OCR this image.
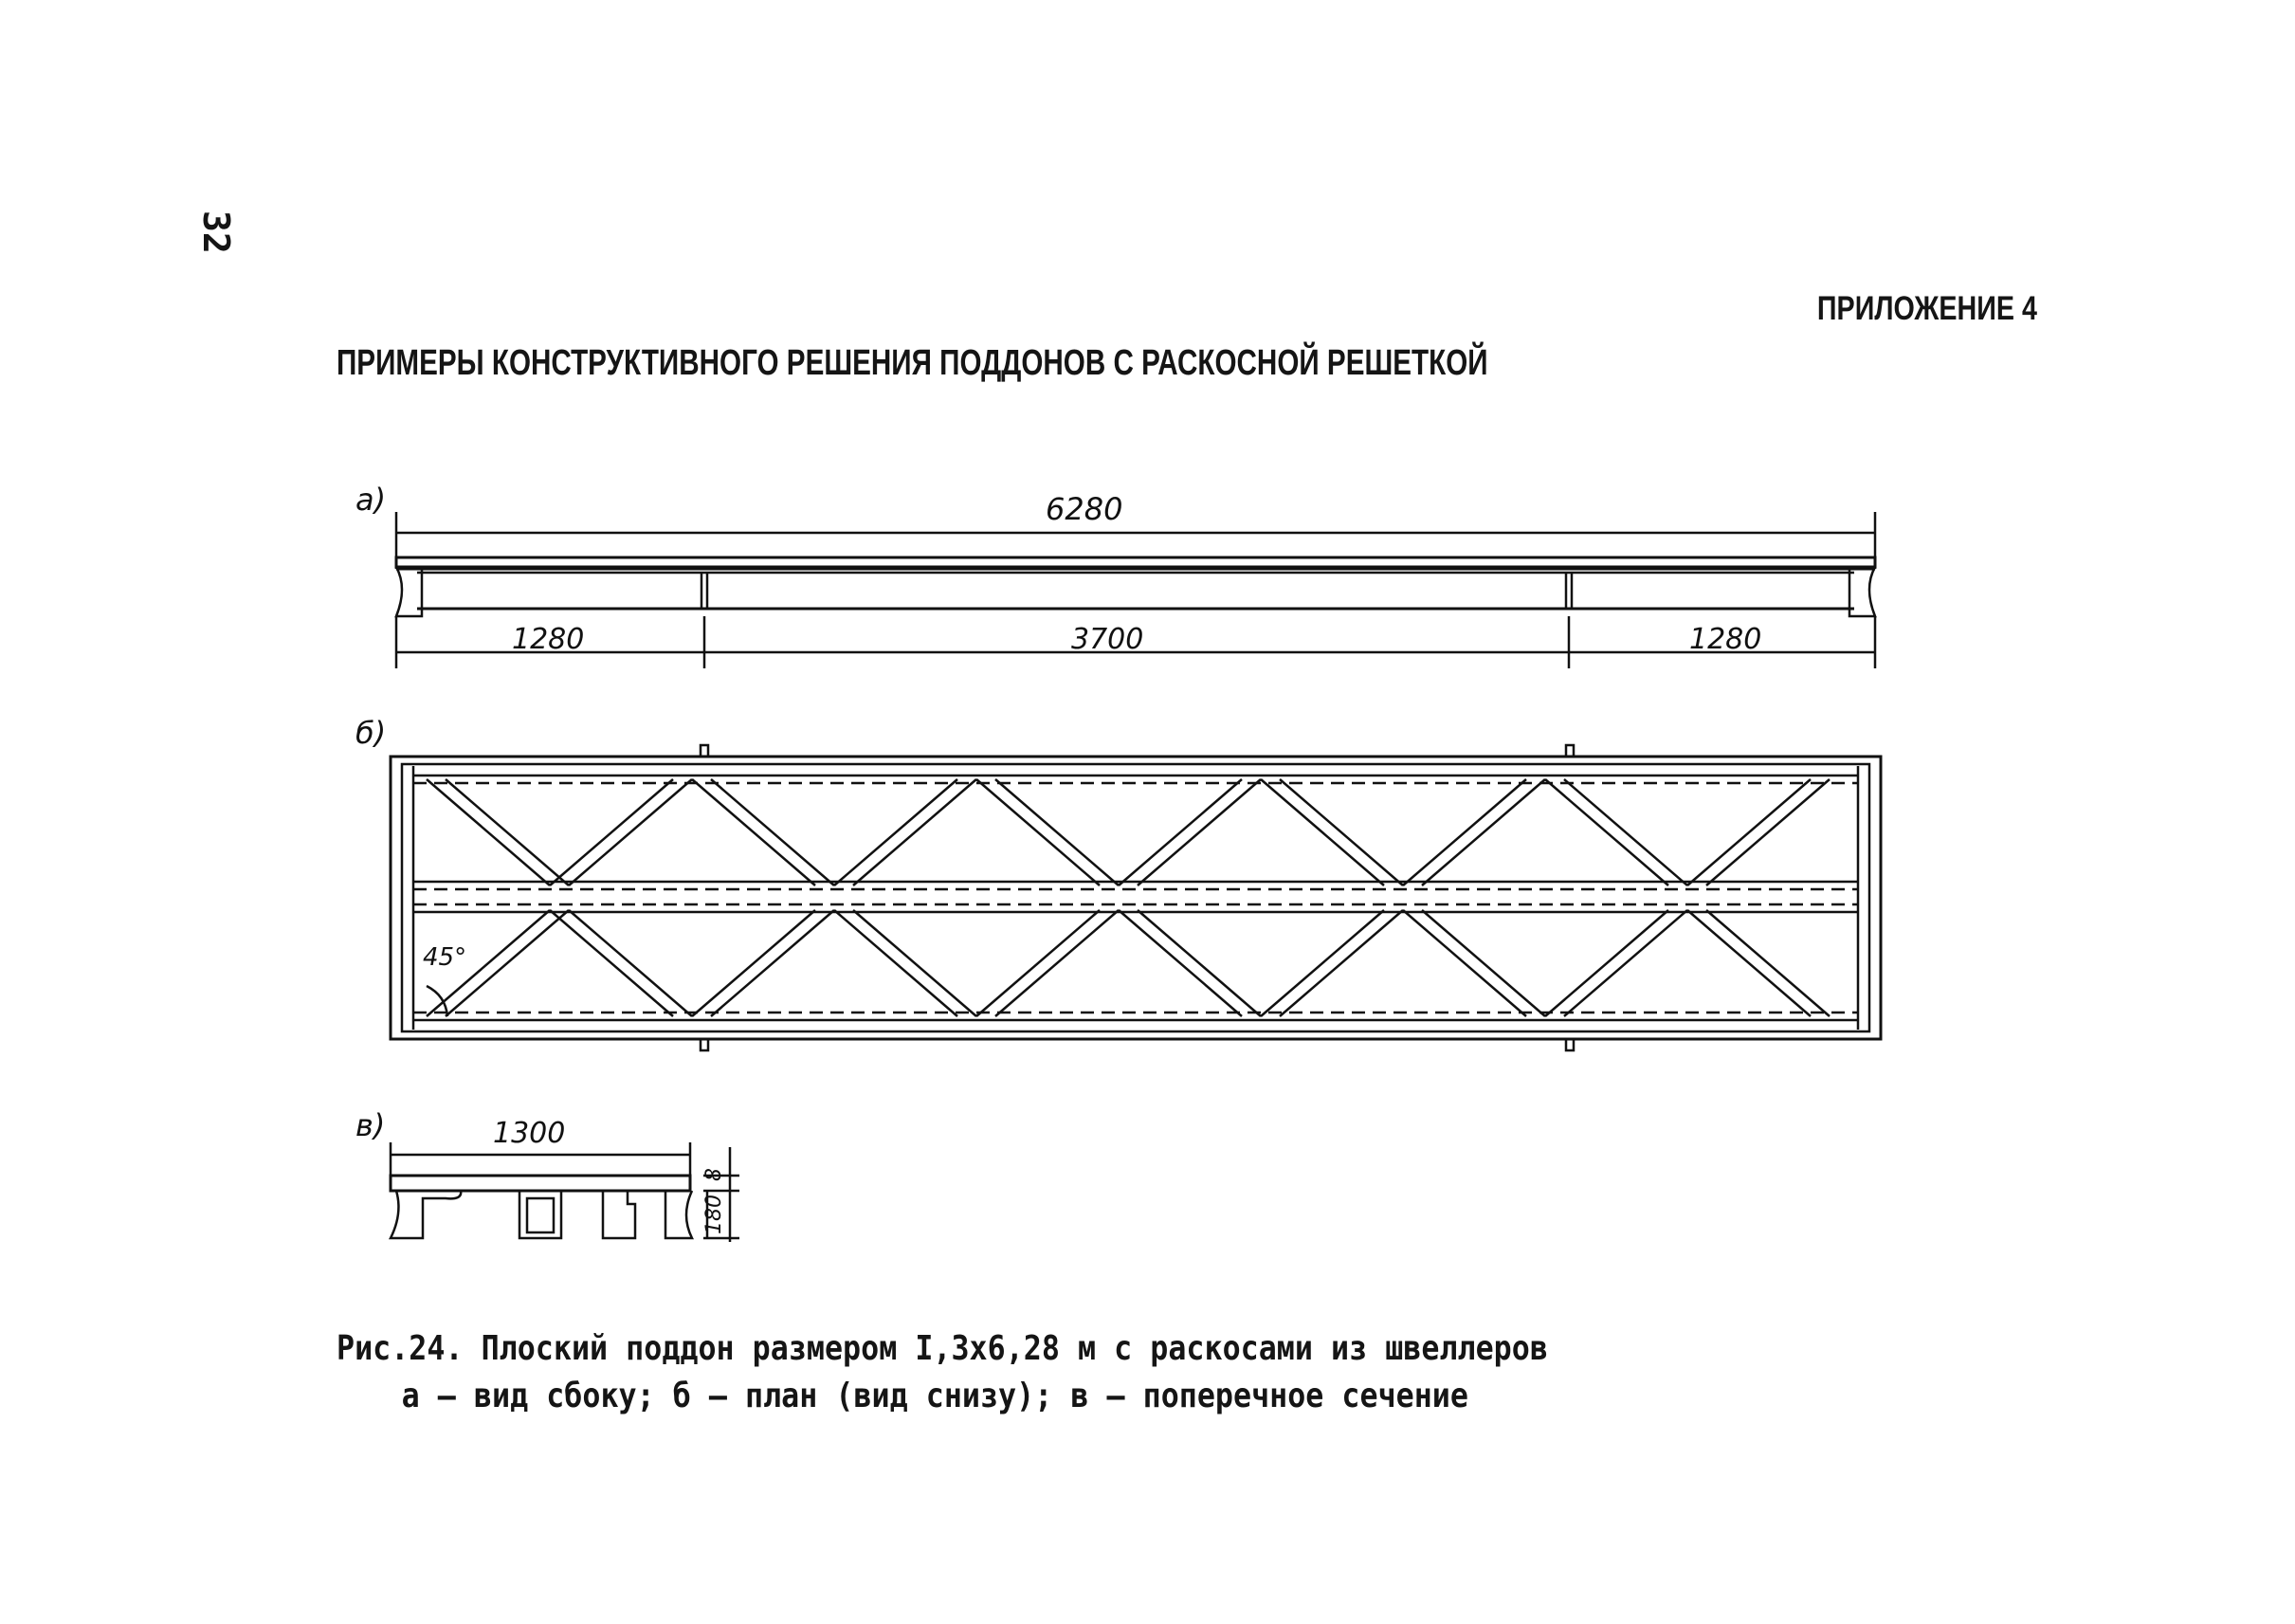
32
ПРИЛОЖЕНИЕ 4
ПРИМЕРЫ КОНСТРУКТИВНОГО РЕШЕНИЯ ПОДДОНОВ С РАСКОСНОЙ РЕШЕТКОЙ
а)	6280
1280	3700	1280
б)
45°
в)	1300
8
180
Рис.24. Плоский поддон размером I,3х6,28 м с раскосами из швеллеров
а – вид сбоку; б – план (вид снизу); в – поперечное сечение
